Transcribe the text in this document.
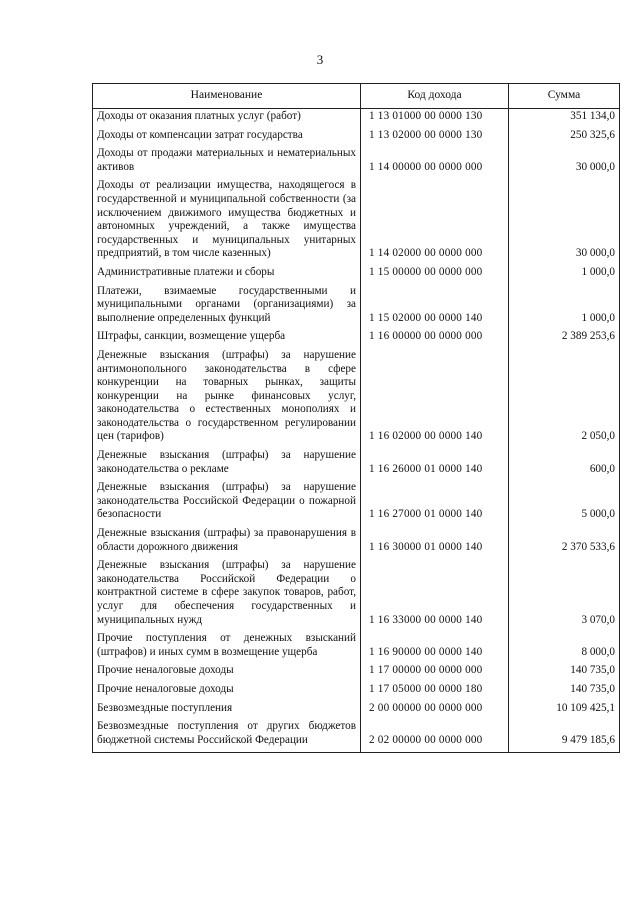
3
Наименование	Код дохода	Сумма
Доходы от оказания платных услуг (работ)	1 13 01000 00 0000 130	351 134,0
Доходы от компенсации затрат государства	1 13 02000 00 0000 130	250 325,6
Доходы от продажи материальных и нематериальных активов	1 14 00000 00 0000 000	30 000,0
Доходы от реализации имущества, находящегося в государственной и муниципальной собственности (за исключением движимого имущества бюджетных и автономных учреждений, а также имущества государственных и муниципальных унитарных предприятий, в том числе казенных)	1 14 02000 00 0000 000	30 000,0
Административные платежи и сборы	1 15 00000 00 0000 000	1 000,0
Платежи, взимаемые государственными и муниципальными органами (организациями) за выполнение определенных функций	1 15 02000 00 0000 140	1 000,0
Штрафы, санкции, возмещение ущерба	1 16 00000 00 0000 000	2 389 253,6
Денежные взыскания (штрафы) за нарушение антимонопольного законодательства в сфере конкуренции на товарных рынках, защиты конкуренции на рынке финансовых услуг, законодательства о естественных монополиях и законодательства о государственном регулировании цен (тарифов)	1 16 02000 00 0000 140	2 050,0
Денежные взыскания (штрафы) за нарушение законодательства о рекламе	1 16 26000 01 0000 140	600,0
Денежные взыскания (штрафы) за нарушение законодательства Российской Федерации о пожарной безопасности	1 16 27000 01 0000 140	5 000,0
Денежные взыскания (штрафы) за правонарушения в области дорожного движения	1 16 30000 01 0000 140	2 370 533,6
Денежные взыскания (штрафы) за нарушение законодательства Российской Федерации о контрактной системе в сфере закупок товаров, работ, услуг для обеспечения государственных и муниципальных нужд	1 16 33000 00 0000 140	3 070,0
Прочие поступления от денежных взысканий (штрафов) и иных сумм в возмещение ущерба	1 16 90000 00 0000 140	8 000,0
Прочие неналоговые доходы	1 17 00000 00 0000 000	140 735,0
Прочие неналоговые доходы	1 17 05000 00 0000 180	140 735,0
Безвозмездные поступления	2 00 00000 00 0000 000	10 109 425,1
Безвозмездные поступления от других бюджетов бюджетной системы Российской Федерации	2 02 00000 00 0000 000	9 479 185,6
